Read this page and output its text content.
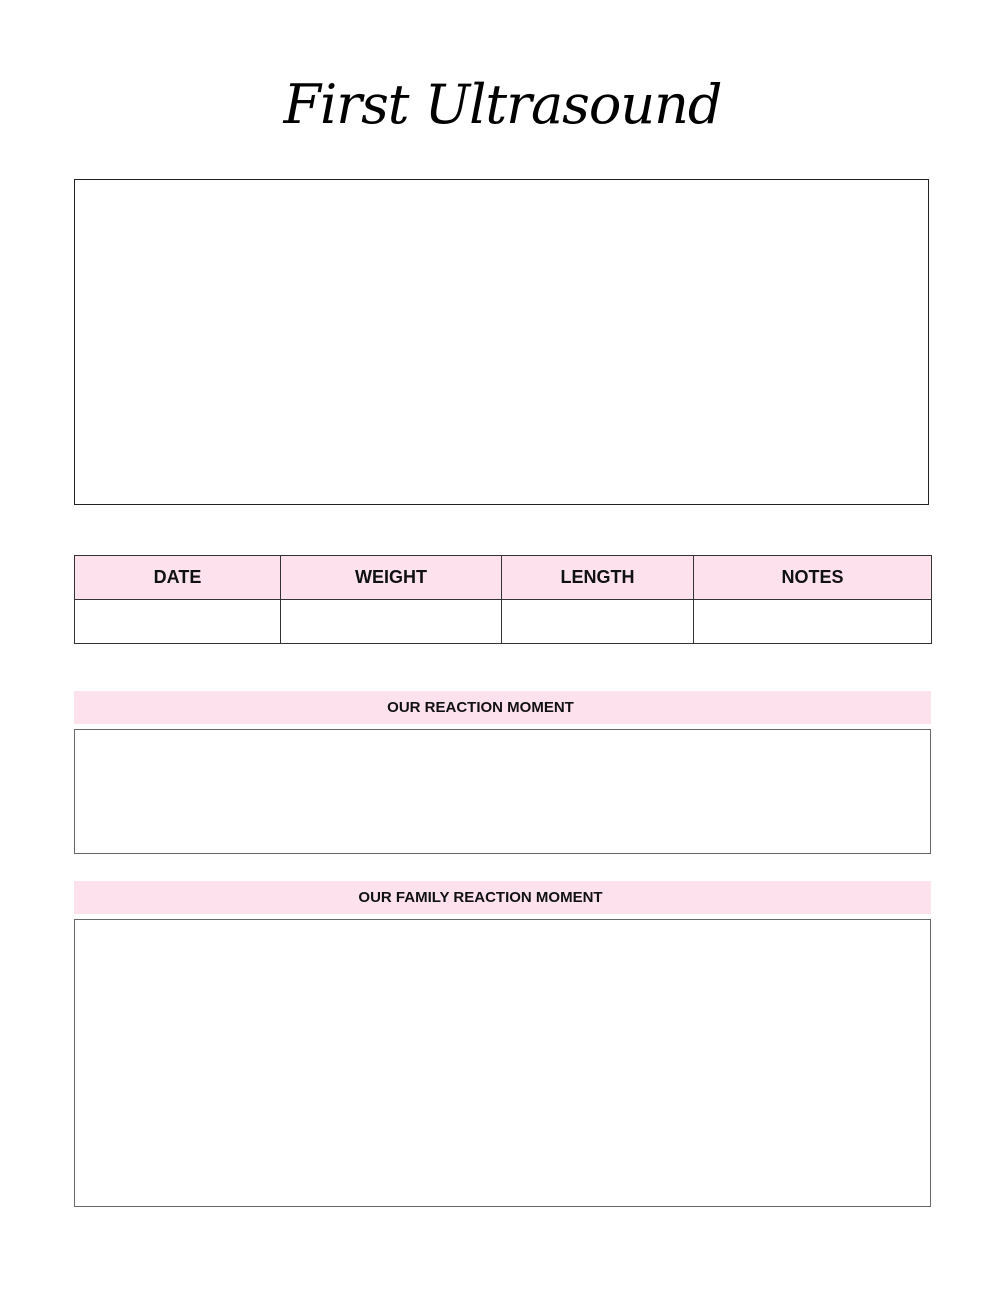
First Ultrasound
DATE	WEIGHT	LENGTH	NOTES

OUR REACTION MOMENT
OUR FAMILY REACTION MOMENT
